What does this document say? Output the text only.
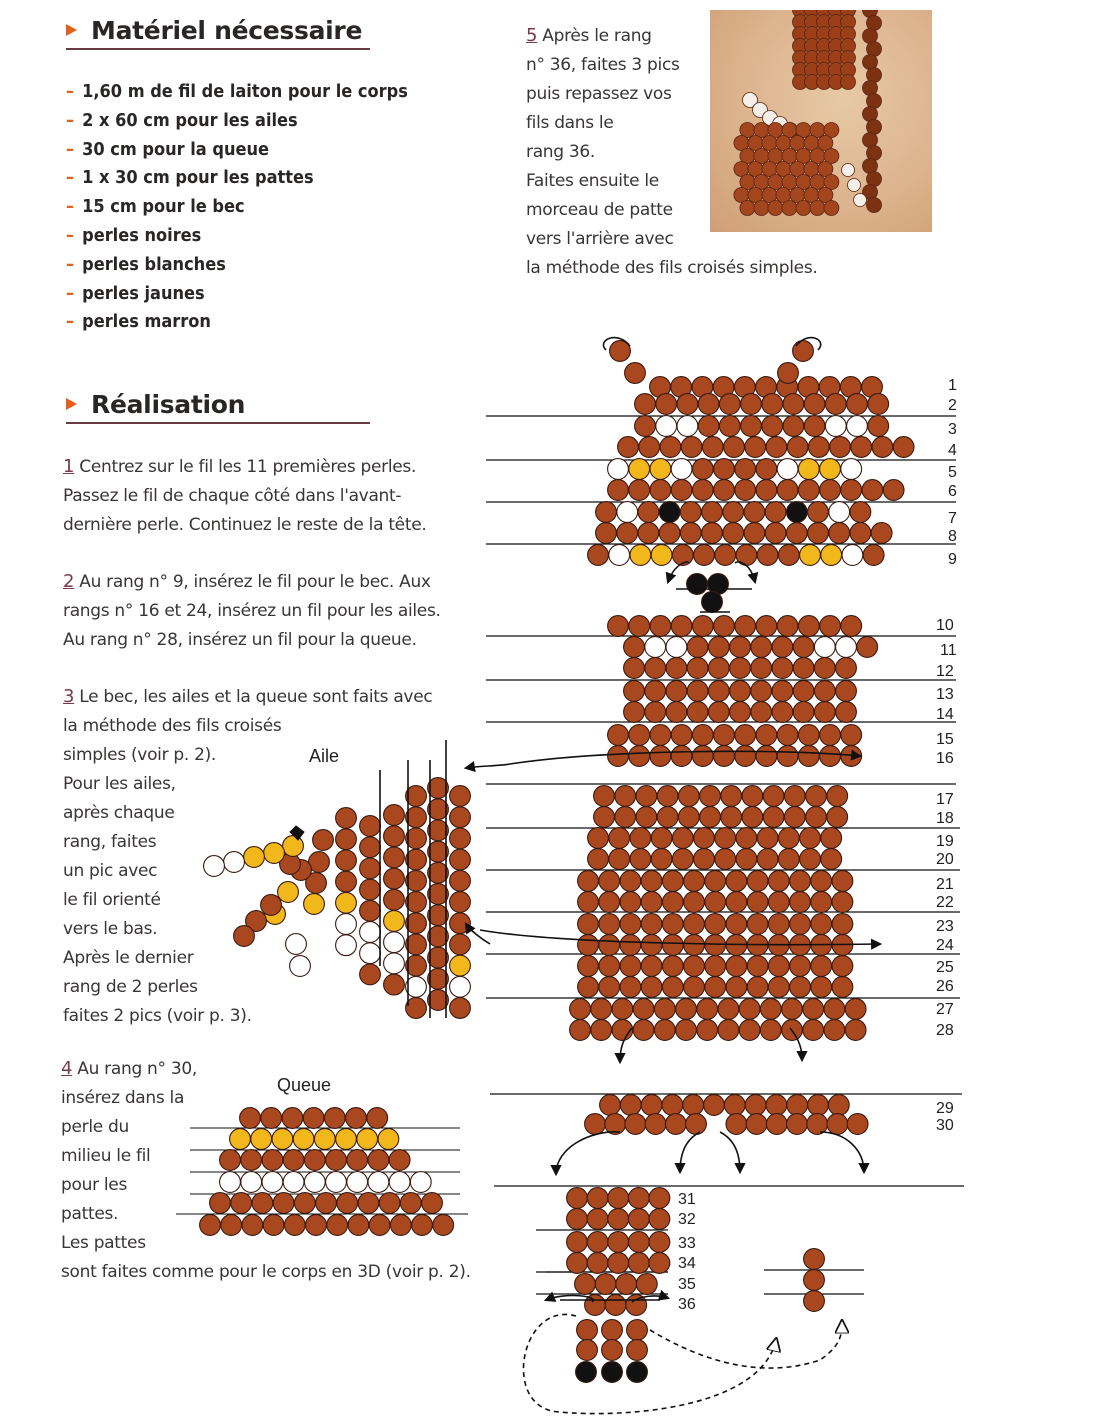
Matériel nécessaire
– 1,60 m de fil de laiton pour le corps
– 2 x 60 cm pour les ailes
– 30 cm pour la queue
– 1 x 30 cm pour les pattes
– 15 cm pour le bec
– perles noires
– perles blanches
– perles jaunes
– perles marron
5 Après le rang
n° 36, faites 3 pics
puis repassez vos
fils dans le
rang 36.
Faites ensuite le
morceau de patte
vers l'arrière avec
la méthode des fils croisés simples.
Réalisation
1 Centrez sur le fil les 11 premières perles.
Passez le fil de chaque côté dans l'avant-
dernière perle. Continuez le reste de la tête.
2 Au rang n° 9, insérez le fil pour le bec. Aux
rangs n° 16 et 24, insérez un fil pour les ailes.
Au rang n° 28, insérez un fil pour la queue.
3 Le bec, les ailes et la queue sont faits avec
la méthode des fils croisés
simples (voir p. 2).
Pour les ailes,
après chaque
rang, faites
un pic avec
le fil orienté
vers le bas.
Après le dernier
rang de 2 perles
faites 2 pics (voir p. 3).
4 Au rang n° 30,
insérez dans la
perle du
milieu le fil
pour les
pattes.
Les pattes
sont faites comme pour le corps en 3D (voir p. 2).
Aile
Queue
1
2
3
4
5
6
7
8
9
10
11
12
13
14
15
16
17
18
19
20
21
22
23
24
25
26
27
28
29
30
31
32
33
34
35
36
